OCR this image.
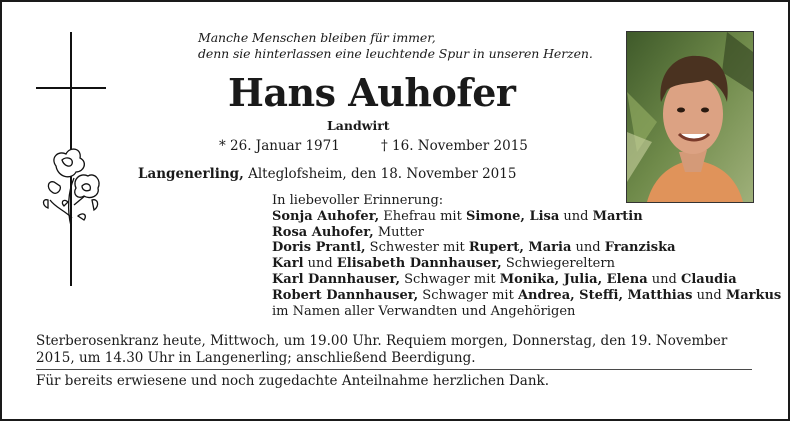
Manche Menschen bleiben für immer,
denn sie hinterlassen eine leuchtende Spur in unseren Herzen.
Hans Auhofer
Landwirt
* 26. Januar 1971	† 16. November 2015
Langenerling, Alteglofsheim, den 18. November 2015
In liebevoller Erinnerung:
Sonja Auhofer, Ehefrau mit Simone, Lisa und Martin
Rosa Auhofer, Mutter
Doris Prantl, Schwester mit Rupert, Maria und Franziska
Karl und Elisabeth Dannhauser, Schwiegereltern
Karl Dannhauser, Schwager mit Monika, Julia, Elena und Claudia
Robert Dannhauser, Schwager mit Andrea, Steffi, Matthias und Markus
im Namen aller Verwandten und Angehörigen
Sterberosenkranz heute, Mittwoch, um 19.00 Uhr. Requiem morgen, Donnerstag, den 19. November 2015, um 14.30 Uhr in Langenerling; anschließend Beerdigung.
Für bereits erwiesene und noch zugedachte Anteilnahme herzlichen Dank.
